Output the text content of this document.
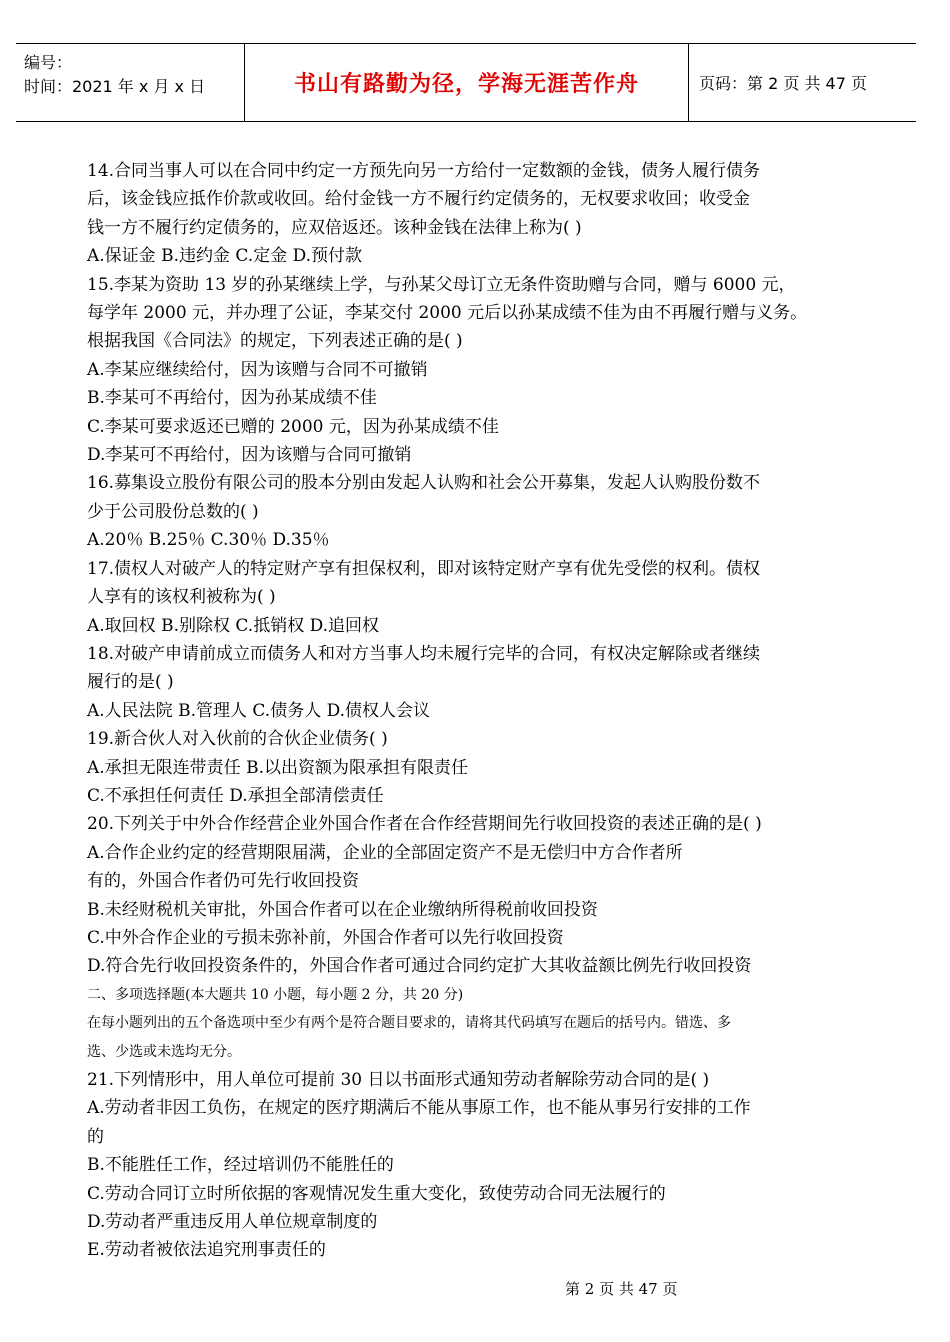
编号：
时间：2021 年 x 月 x 日	书山有路勤为径，学海无涯苦作舟	页码：第 2 页 共 47 页
14.合同当事人可以在合同中约定一方预先向另一方给付一定数额的金钱，债务人履行债务
后，该金钱应抵作价款或收回。给付金钱一方不履行约定债务的，无权要求收回；收受金
钱一方不履行约定债务的，应双倍返还。该种金钱在法律上称为( )
A.保证金 B.违约金 C.定金 D.预付款
15.李某为资助 13 岁的孙某继续上学，与孙某父母订立无条件资助赠与合同，赠与 6000 元，
每学年 2000 元，并办理了公证，李某交付 2000 元后以孙某成绩不佳为由不再履行赠与义务。
根据我国《合同法》的规定，下列表述正确的是( )
A.李某应继续给付，因为该赠与合同不可撤销
B.李某可不再给付，因为孙某成绩不佳
C.李某可要求返还已赠的 2000 元，因为孙某成绩不佳
D.李某可不再给付，因为该赠与合同可撤销
16.募集设立股份有限公司的股本分别由发起人认购和社会公开募集，发起人认购股份数不
少于公司股份总数的( )
A.20％ B.25％ C.30％ D.35％
17.债权人对破产人的特定财产享有担保权利，即对该特定财产享有优先受偿的权利。债权
人享有的该权利被称为( )
A.取回权 B.别除权 C.抵销权 D.追回权
18.对破产申请前成立而债务人和对方当事人均未履行完毕的合同，有权决定解除或者继续
履行的是( )
A.人民法院 B.管理人 C.债务人 D.债权人会议
19.新合伙人对入伙前的合伙企业债务( )
A.承担无限连带责任 B.以出资额为限承担有限责任
C.不承担任何责任 D.承担全部清偿责任
20.下列关于中外合作经营企业外国合作者在合作经营期间先行收回投资的表述正确的是( )
A.合作企业约定的经营期限届满，企业的全部固定资产不是无偿归中方合作者所
有的，外国合作者仍可先行收回投资
B.未经财税机关审批，外国合作者可以在企业缴纳所得税前收回投资
C.中外合作企业的亏损未弥补前，外国合作者可以先行收回投资
D.符合先行收回投资条件的，外国合作者可通过合同约定扩大其收益额比例先行收回投资
二、多项选择题(本大题共 10 小题，每小题 2 分，共 20 分)
在每小题列出的五个备选项中至少有两个是符合题目要求的，请将其代码填写在题后的括号内。错选、多
选、少选或未选均无分。
21.下列情形中，用人单位可提前 30 日以书面形式通知劳动者解除劳动合同的是( )
A.劳动者非因工负伤，在规定的医疗期满后不能从事原工作，也不能从事另行安排的工作
的
B.不能胜任工作，经过培训仍不能胜任的
C.劳动合同订立时所依据的客观情况发生重大变化，致使劳动合同无法履行的
D.劳动者严重违反用人单位规章制度的
E.劳动者被依法追究刑事责任的
第 2 页 共 47 页
